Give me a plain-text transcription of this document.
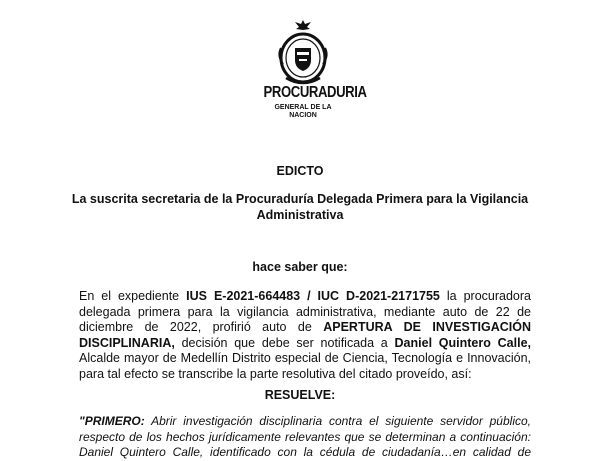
PROCURADURIA
GENERAL DE LA NACION
EDICTO
La suscrita secretaria de la Procuraduría Delegada Primera para la Vigilancia
Administrativa
hace saber que:
En el expediente IUS E-2021-664483 / IUC D-2021-2171755 la procuradora
delegada primera para la vigilancia administrativa, mediante auto de 22 de
diciembre de 2022, profirió auto de APERTURA DE INVESTIGACIÓN
DISCIPLINARIA, decisión que debe ser notificada a Daniel Quintero Calle,
Alcalde mayor de Medellín Distrito especial de Ciencia, Tecnología e Innovación,
para tal efecto se transcribe la parte resolutiva del citado proveído, así:
RESUELVE:
"PRIMERO: Abrir investigación disciplinaria contra el siguiente servidor público,
respecto de los hechos jurídicamente relevantes que se determinan a continuación:
Daniel Quintero Calle, identificado con la cédula de ciudadanía…en calidad de
